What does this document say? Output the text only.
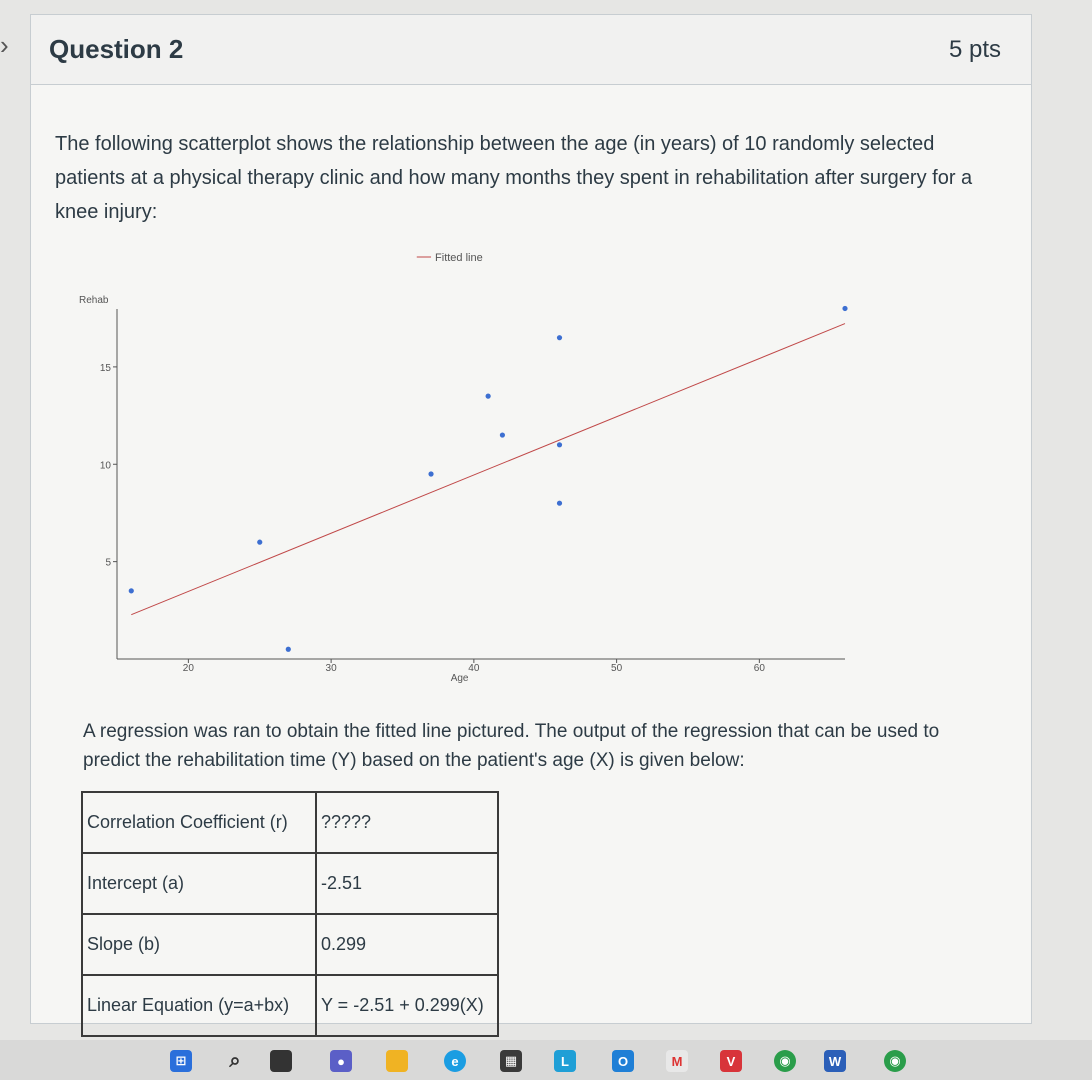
› Question 2	5 pts

The following scatterplot shows the relationship between the age (in years) of 10 randomly selected patients at a physical therapy clinic and how many months they spent in rehabilitation after surgery for a knee injury:

5
10
15
20	30	40	50	60
Rehab
Age
Fitted line

A regression was ran to obtain the fitted line pictured. The output of the regression that can be used to predict the rehabilitation time (Y) based on the patient's age (X) is given below:

Correlation Coefficient (r)	?????
Intercept (a)	-2.51
Slope (b)	0.299
Linear Equation (y=a+bx)	Y = -2.51 + 0.299(X)
⊞ ⌕	●	e	▦	L	O	M	V	◉	W	◉
